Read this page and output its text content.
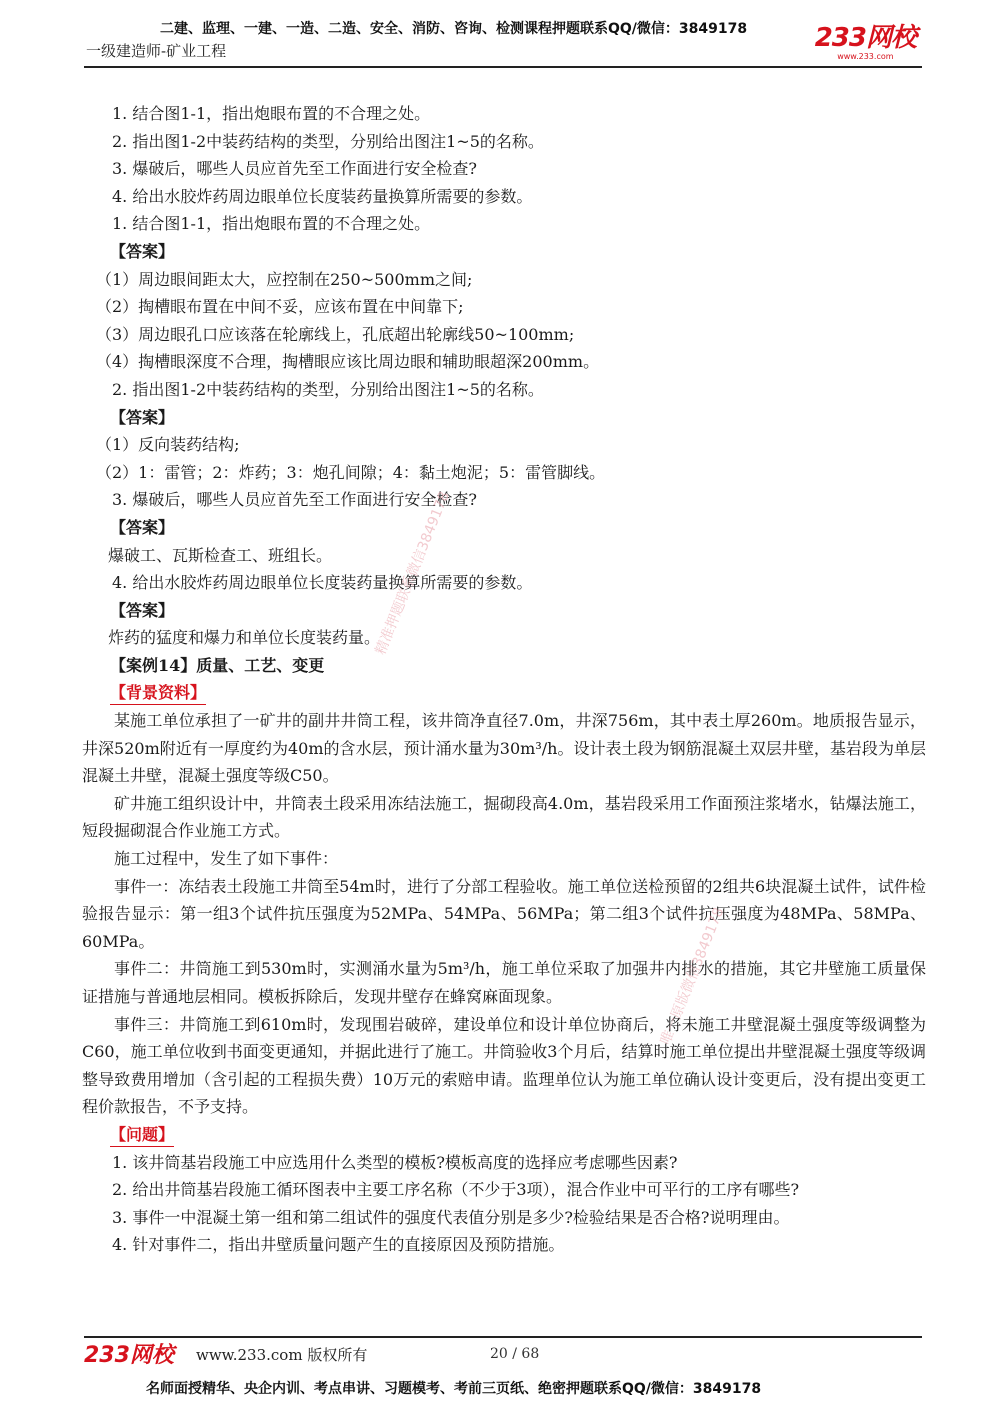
二建、监理、一建、一造、二造、安全、消防、咨询、检测课程押题联系QQ/微信：3849178
一级建造师-矿业工程	233网校
www.233.com

1. 结合图1-1，指出炮眼布置的不合理之处。

2. 指出图1-2中装药结构的类型，分别给出图注1~5的名称。

3. 爆破后，哪些人员应首先至工作面进行安全检查?

4. 给出水胶炸药周边眼单位长度装药量换算所需要的参数。

1. 结合图1-1，指出炮眼布置的不合理之处。

【答案】

（1）周边眼间距太大，应控制在250~500mm之间;

（2）掏槽眼布置在中间不妥，应该布置在中间靠下;

（3）周边眼孔口应该落在轮廓线上，孔底超出轮廓线50~100mm;

（4）掏槽眼深度不合理，掏槽眼应该比周边眼和辅助眼超深200mm。

2. 指出图1-2中装药结构的类型，分别给出图注1~5的名称。

【答案】

（1）反向装药结构;

（2）1：雷管；2：炸药；3：炮孔间隙；4：黏土炮泥；5：雷管脚线。

3. 爆破后，哪些人员应首先至工作面进行安全检查?

【答案】

爆破工、瓦斯检查工、班组长。

4. 给出水胶炸药周边眼单位长度装药量换算所需要的参数。

【答案】

炸药的猛度和爆力和单位长度装药量。

【案例14】质量、工艺、变更

【背景资料】

某施工单位承担了一矿井的副井井筒工程，该井筒净直径7.0m，井深756m，其中表土厚260m。地质报告显示，井深520m附近有一厚度约为40m的含水层，预计涌水量为30m³/h。设计表土段为钢筋混凝土双层井壁，基岩段为单层混凝土井壁，混凝土强度等级C50。

矿井施工组织设计中，井筒表土段采用冻结法施工，掘砌段高4.0m，基岩段采用工作面预注浆堵水，钻爆法施工，短段掘砌混合作业施工方式。

施工过程中，发生了如下事件：

事件一：冻结表土段施工井筒至54m时，进行了分部工程验收。施工单位送检预留的2组共6块混凝土试件，试件检验报告显示：第一组3个试件抗压强度为52MPa、54MPa、56MPa；第二组3个试件抗压强度为48MPa、58MPa、60MPa。

事件二：井筒施工到530m时，实测涌水量为5m³/h，施工单位采取了加强井内排水的措施，其它井壁施工质量保证措施与普通地层相同。模板拆除后，发现井壁存在蜂窝麻面现象。

事件三：井筒施工到610m时，发现围岩破碎，建设单位和设计单位协商后，将未施工井壁混凝土强度等级调整为C60，施工单位收到书面变更通知，并据此进行了施工。井筒验收3个月后，结算时施工单位提出井壁混凝土强度等级调整导致费用增加（含引起的工程损失费）10万元的索赔申请。监理单位认为施工单位确认设计变更后，没有提出变更工程价款报告，不予支持。

【问题】

1. 该井筒基岩段施工中应选用什么类型的模板?模板高度的选择应考虑哪些因素?

2. 给出井筒基岩段施工循环图表中主要工序名称（不少于3项），混合作业中可平行的工序有哪些?

3. 事件一中混凝土第一组和第二组试件的强度代表值分别是多少?检验结果是否合格?说明理由。

4. 针对事件二，指出井壁质量问题产生的直接原因及预防措施。

精准押题联系微信3849178
唯一原版微信3849178
233网校 www.233.com 版权所有	20 / 68
名师面授精华、央企内训、考点串讲、习题模考、考前三页纸、绝密押题联系QQ/微信：3849178
